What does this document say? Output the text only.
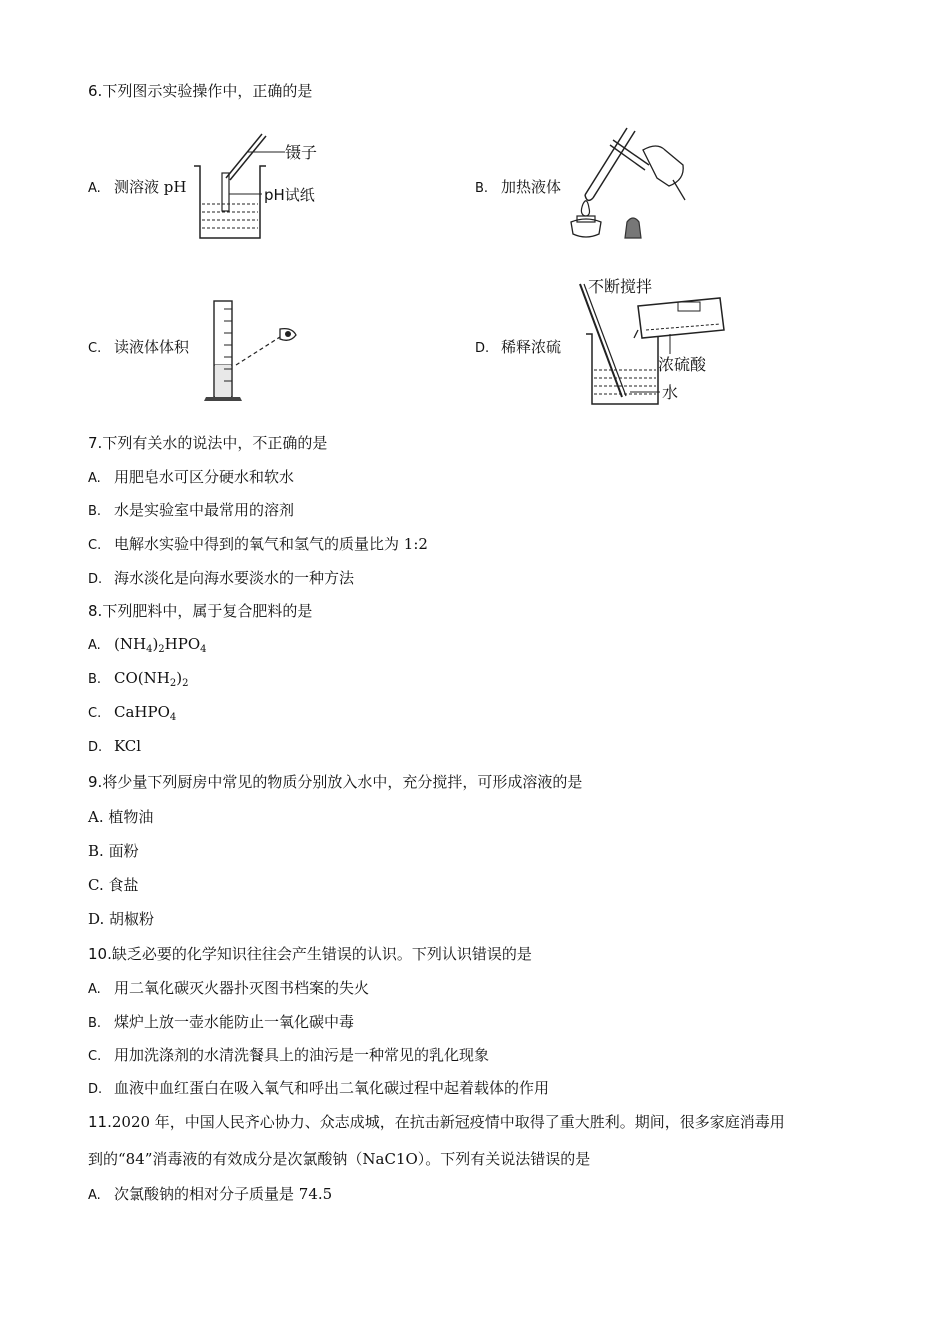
6.下列图示实验操作中，正确的是
A. 测溶液 pH	B. 加热液体
C. 读液体体积	D. 稀释浓硫
镊子
pH试纸
不断搅拌
浓硫酸
水
7.下列有关水的说法中，不正确的是
A. 用肥皂水可区分硬水和软水
B. 水是实验室中最常用的溶剂
C. 电解水实验中得到的氧气和氢气的质量比为 1:2
D. 海水淡化是向海水要淡水的一种方法
8.下列肥料中，属于复合肥料的是
A. $(NH_4)_2HPO_4$
B. $CO(NH_2)_2$
C. CaHPO$_4$
D. KCl
9.将少量下列厨房中常见的物质分别放入水中，充分搅拌，可形成溶液的是
A. 植物油
B. 面粉
C. 食盐
D. 胡椒粉
10.缺乏必要的化学知识往往会产生错误的认识。下列认识错误的是
A. 用二氧化碳灭火器扑灭图书档案的失火
B. 煤炉上放一壶水能防止一氧化碳中毒
C. 用加洗涤剂的水清洗餐具上的油污是一种常见的乳化现象
D. 血液中血红蛋白在吸入氧气和呼出二氧化碳过程中起着载体的作用
11.2020 年，中国人民齐心协力、众志成城，在抗击新冠疫情中取得了重大胜利。期间，很多家庭消毒用
到的“84”消毒液的有效成分是次氯酸钠（NaC1O）。下列有关说法错误的是
A. 次氯酸钠的相对分子质量是 74.5
